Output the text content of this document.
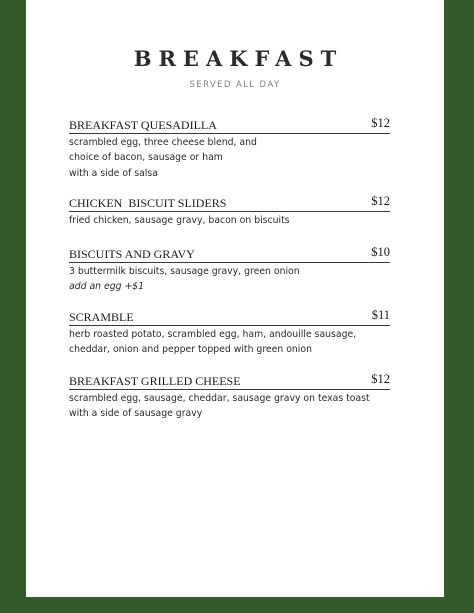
BREAKFAST
SERVED ALL DAY
BREAKFAST QUESADILLA	$12
scrambled egg, three cheese blend, and
choice of bacon, sausage or ham
with a side of salsa
CHICKEN  BISCUIT SLIDERS	$12
fried chicken, sausage gravy, bacon on biscuits
BISCUITS AND GRAVY	$10
3 buttermilk biscuits, sausage gravy, green onion
add an egg +$1
SCRAMBLE	$11
herb roasted potato, scrambled egg, ham, andouille sausage,
cheddar, onion and pepper topped with green onion
BREAKFAST GRILLED CHEESE	$12
scrambled egg, sausage, cheddar, sausage gravy on texas toast
with a side of sausage gravy
